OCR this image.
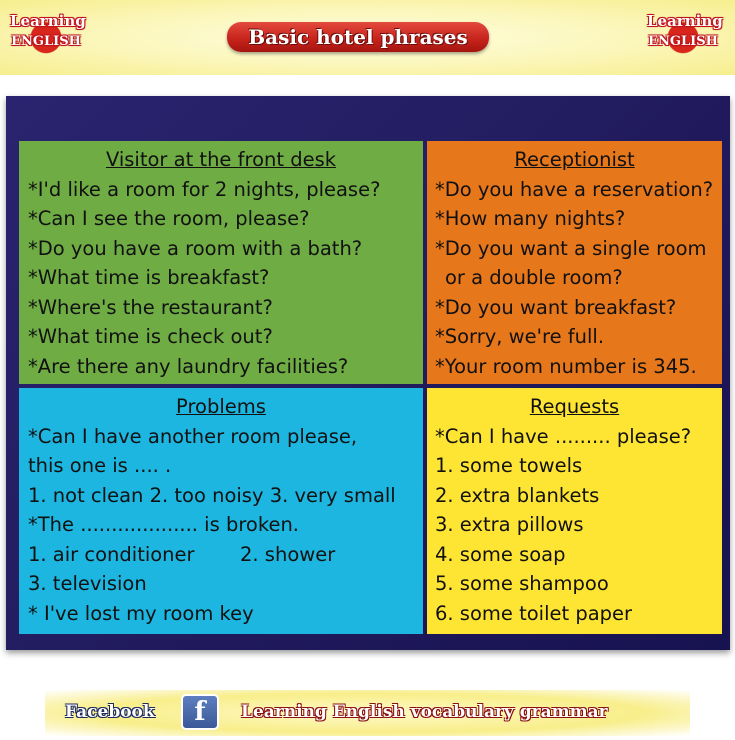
Learning
ENGLISH	Basic hotel phrases
Learning
ENGLISH
Visitor at the front desk
*I'd like a room for 2 nights, please?
*Can I see the room, please?
*Do you have a room with a bath?
*What time is breakfast?
*Where's the restaurant?
*What time is check out?
*Are there any laundry facilities?
Receptionist
*Do you have a reservation?
*How many nights?
*Do you want a single room
or a double room?
*Do you want breakfast?
*Sorry, we're full.
*Your room number is 345.
Problems
*Can I have another room please,
this one is .... .
1. not clean 2. too noisy 3. very small
*The ................... is broken.
1. air conditioner	2. shower
3. television
* I've lost my room key
Requests
*Can I have ......... please?
1. some towels
2. extra blankets
3. extra pillows
4. some soap
5. some shampoo
6. some toilet paper
Facebook	f	Learning English vocabulary grammar
